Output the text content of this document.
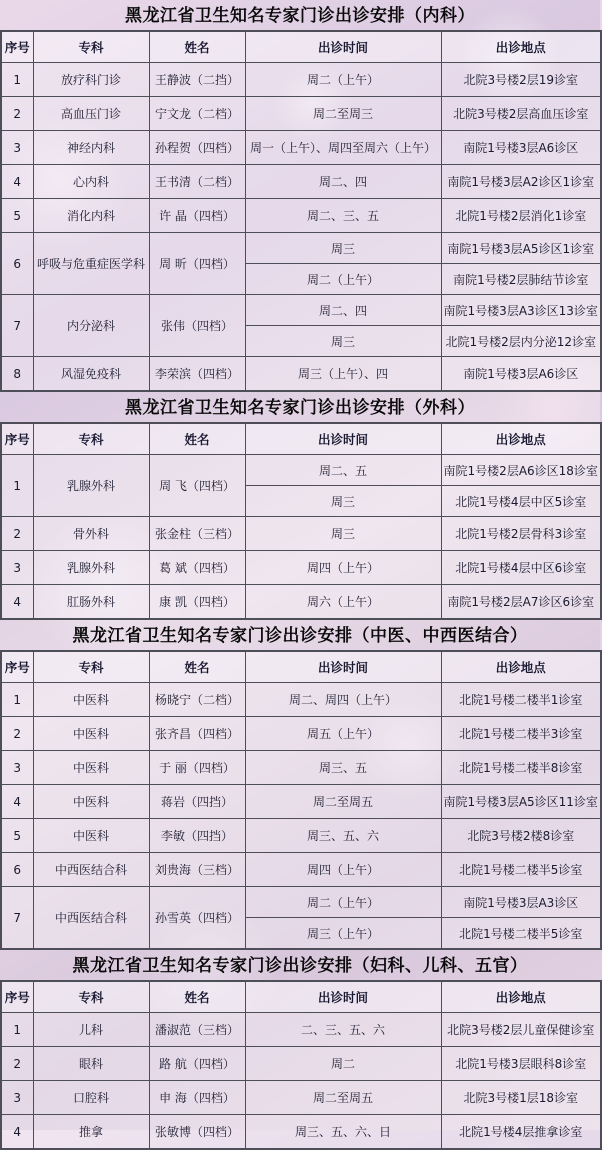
黑龙江省卫生知名专家门诊出诊安排（内科）
序号	专科	姓名	出诊时间	出诊地点
1	放疗科门诊	王静波（二挡）	周二（上午）	北院3号楼2层19诊室
2	高血压门诊	宁文龙（二档）	周二至周三	北院3号楼2层高血压诊室
3	神经内科	孙程贺（四档）	周一（上午）、周四至周六（上午）	南院1号楼3层A6诊区
4	心内科	王书清（二档）	周二、四	南院1号楼3层A2诊区1诊室
5	消化内科	许 晶（四档）	周二、三、五	北院1号楼2层消化1诊室
6	呼吸与危重症医学科	周 昕（四档）	周三	南院1号楼3层A5诊区1诊室
			周二（上午）	南院1号楼2层肺结节诊室
7	内分泌科	张伟（四档）	周二、四	南院1号楼3层A3诊区13诊室
			周三	北院1号楼2层内分泌12诊室
8	风湿免疫科	李荣滨（四档）	周三（上午）、四	南院1号楼3层A6诊区
黑龙江省卫生知名专家门诊出诊安排（外科）
序号	专科	姓名	出诊时间	出诊地点
1	乳腺外科	周 飞（四档）	周二、五	南院1号楼2层A6诊区18诊室
			周三	北院1号楼4层中区5诊室
2	骨外科	张金柱（三档）	周三	北院1号楼2层骨科3诊室
3	乳腺外科	葛 斌（四档）	周四（上午）	北院1号楼4层中区6诊室
4	肛肠外科	康 凯（四档）	周六（上午）	南院1号楼2层A7诊区6诊室
黑龙江省卫生知名专家门诊出诊安排（中医、中西医结合）
序号	专科	姓名	出诊时间	出诊地点
1	中医科	杨晓宁（二档）	周二、周四（上午）	北院1号楼二楼半1诊室
2	中医科	张齐昌（四档）	周五（上午）	北院1号楼二楼半3诊室
3	中医科	于 丽（四档）	周三、五	北院1号楼二楼半8诊室
4	中医科	蒋岩（四挡）	周二至周五	南院1号楼3层A5诊区11诊室
5	中医科	李敏（四挡）	周三、五、六	北院3号楼2楼8诊室
6	中西医结合科	刘贵海（三档）	周四（上午）	北院1号楼二楼半5诊室
7	中西医结合科	孙雪英（四档）	周二（上午）	南院1号楼3层A3诊区
			周三（上午）	北院1号楼二楼半5诊室
黑龙江省卫生知名专家门诊出诊安排（妇科、儿科、五官）
序号	专科	姓名	出诊时间	出诊地点
1	儿科	潘淑范（三档）	二、三、五、六	北院3号楼2层儿童保健诊室
2	眼科	路 航（四档）	周二	北院1号楼3层眼科8诊室
3	口腔科	申 海（四档）	周二至周五	北院3号楼1层18诊室
4	推拿	张敏博（四档）	周三、五、六、日	北院1号楼4层推拿诊室
